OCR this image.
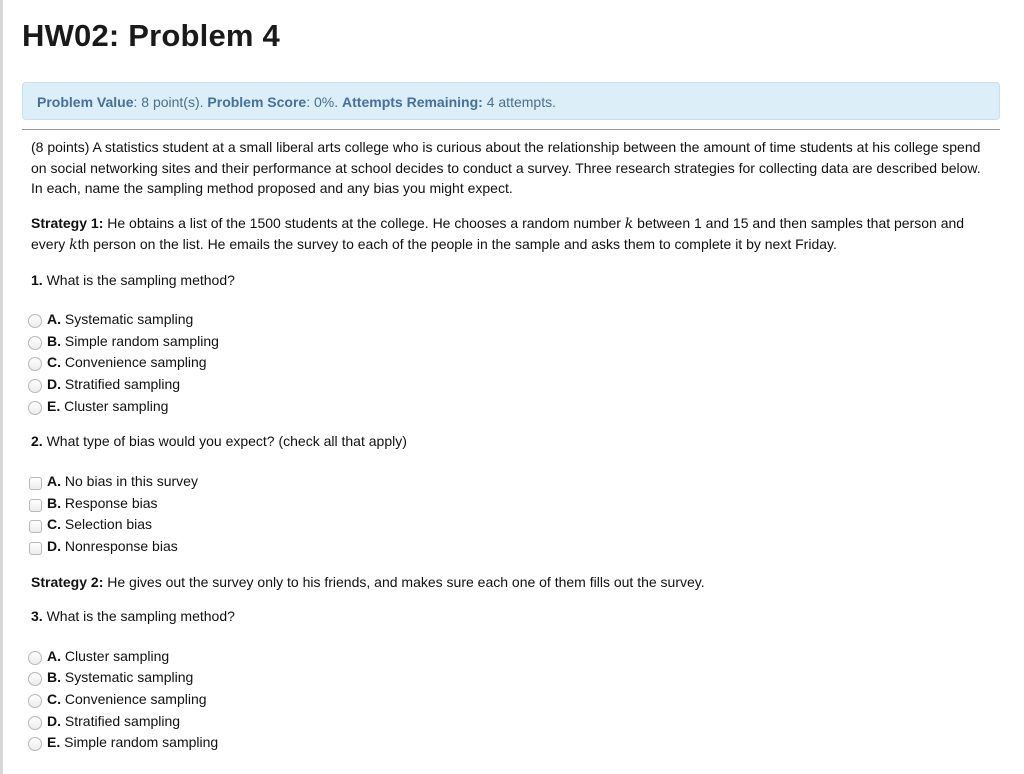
HW02: Problem 4
Problem Value: 8 point(s). Problem Score: 0%. Attempts Remaining: 4 attempts.

(8 points) A statistics student at a small liberal arts college who is curious about the relationship between the amount of time students at his college spend on social networking sites and their performance at school decides to conduct a survey. Three research strategies for collecting data are described below. In each, name the sampling method proposed and any bias you might expect.

Strategy 1: He obtains a list of the 1500 students at the college. He chooses a random number k between 1 and 15 and then samples that person and every kth person on the list. He emails the survey to each of the people in the sample and asks them to complete it by next Friday.

1. What is the sampling method?

A. Systematic sampling
B. Simple random sampling
C. Convenience sampling
D. Stratified sampling
E. Cluster sampling

2. What type of bias would you expect? (check all that apply)

A. No bias in this survey
B. Response bias
C. Selection bias
D. Nonresponse bias

Strategy 2: He gives out the survey only to his friends, and makes sure each one of them fills out the survey.

3. What is the sampling method?

A. Cluster sampling
B. Systematic sampling
C. Convenience sampling
D. Stratified sampling
E. Simple random sampling
